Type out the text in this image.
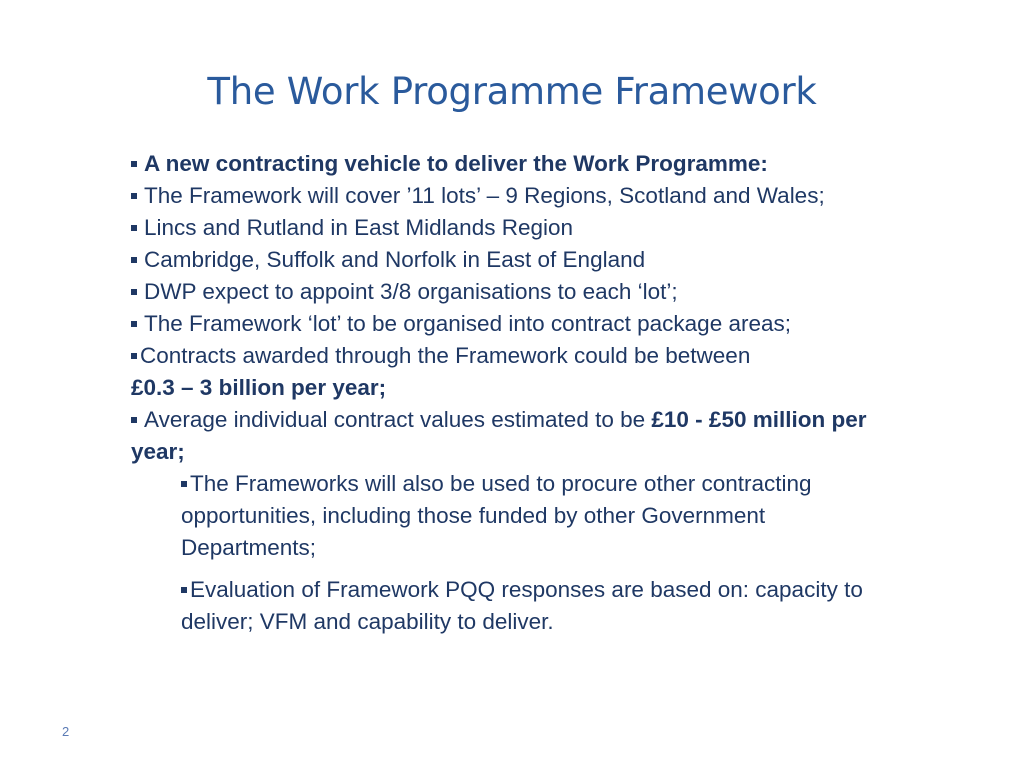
The Work Programme Framework
A new contracting vehicle to deliver the Work Programme:
The Framework will cover ’11 lots’ – 9 Regions, Scotland and Wales;
Lincs and Rutland in East Midlands Region
Cambridge, Suffolk and Norfolk in East of England
DWP expect to appoint 3/8 organisations to each ‘lot’;
The Framework ‘lot’ to be organised into contract package areas;
Contracts awarded through the Framework could be between
£0.3 – 3 billion per year;
Average individual contract values estimated to be £10 - £50 million per year;
The Frameworks will also be used to procure other contracting opportunities, including those funded by other Government Departments;
Evaluation of Framework PQQ responses are based on: capacity to deliver; VFM and capability to deliver.
2
